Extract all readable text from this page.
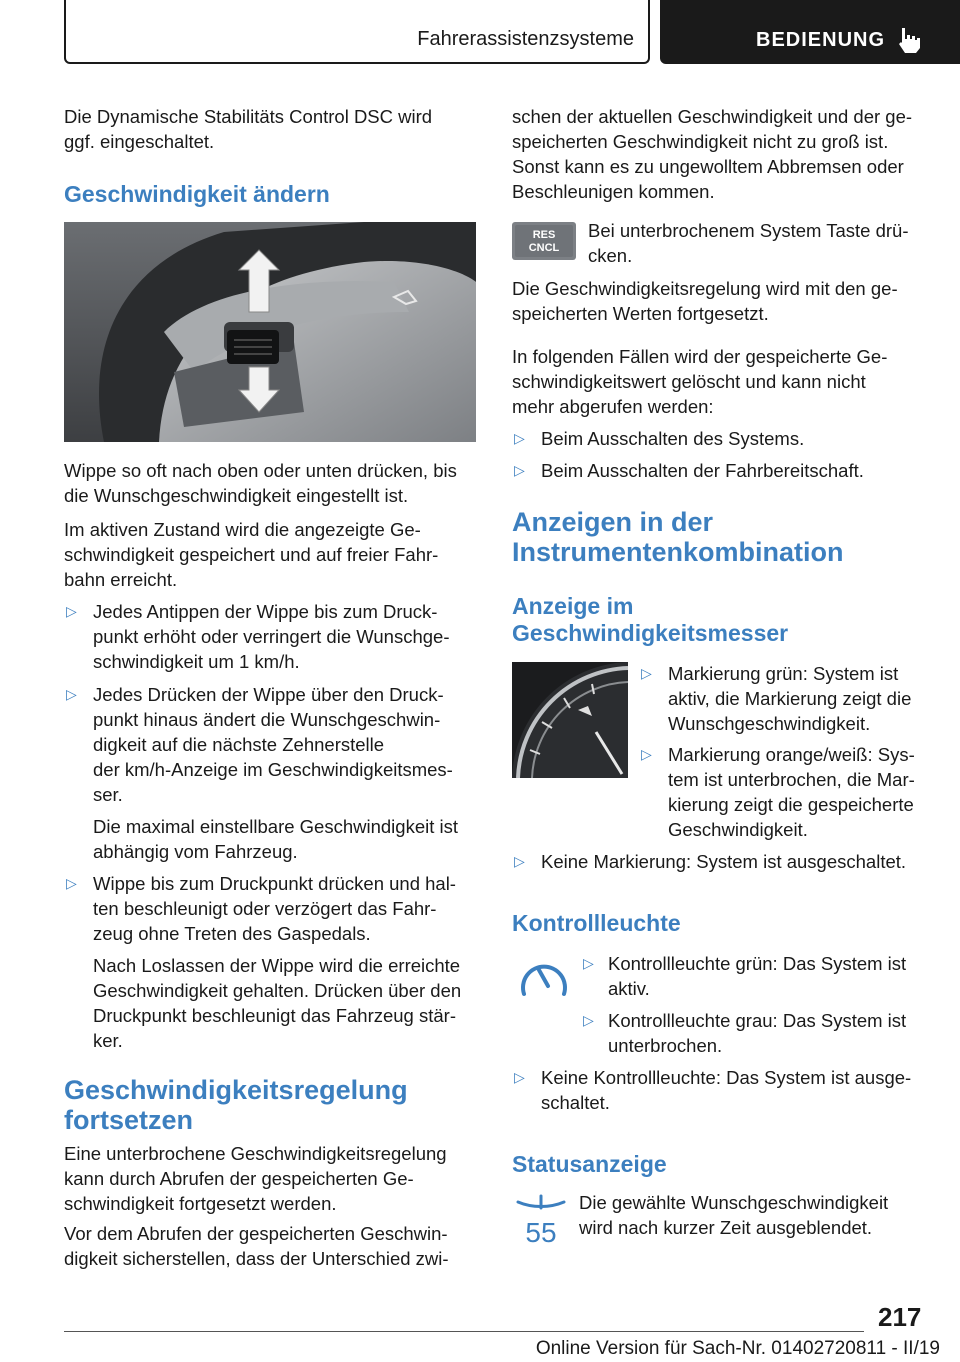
Fahrerassistenzsysteme	BEDIENUNG

Die Dynamische Stabilitäts Control DSC wird

ggf. eingeschaltet.

Geschwindigkeit ändern

Wippe so oft nach oben oder unten drücken, bis

die Wunschgeschwindigkeit eingestellt ist.

Im aktiven Zustand wird die angezeigte Ge‐

schwindigkeit gespeichert und auf freier Fahr‐

bahn erreicht.

▷ Jedes Antippen der Wippe bis zum Druck‐

punkt erhöht oder verringert die Wunschge‐

schwindigkeit um 1 km/h.

▷ Jedes Drücken der Wippe über den Druck‐

punkt hinaus ändert die Wunschgeschwin‐

digkeit auf die nächste Zehnerstelle

der km/h-Anzeige im Geschwindigkeitsmes‐

ser.

Die maximal einstellbare Geschwindigkeit ist

abhängig vom Fahrzeug.

▷ Wippe bis zum Druckpunkt drücken und hal‐

ten beschleunigt oder verzögert das Fahr‐

zeug ohne Treten des Gaspedals.

Nach Loslassen der Wippe wird die erreichte

Geschwindigkeit gehalten. Drücken über den

Druckpunkt beschleunigt das Fahrzeug stär‐

ker.

Geschwindigkeitsregelung
fortsetzen

Eine unterbrochene Geschwindigkeitsregelung

kann durch Abrufen der gespeicherten Ge‐

schwindigkeit fortgesetzt werden.

Vor dem Abrufen der gespeicherten Geschwin‐

digkeit sicherstellen, dass der Unterschied zwi‐

schen der aktuellen Geschwindigkeit und der ge‐

speicherten Geschwindigkeit nicht zu groß ist.

Sonst kann es zu ungewolltem Abbremsen oder

Beschleunigen kommen.

RES
CNCL

Bei unterbrochenem System Taste drü‐

cken.

Die Geschwindigkeitsregelung wird mit den ge‐

speicherten Werten fortgesetzt.

In folgenden Fällen wird der gespeicherte Ge‐

schwindigkeitswert gelöscht und kann nicht

mehr abgerufen werden:

▷ Beim Ausschalten des Systems.

▷ Beim Ausschalten der Fahrbereitschaft.

Anzeigen in der
Instrumentenkombination
Anzeige im
Geschwindigkeitsmesser
▷ Markierung grün: System ist

aktiv, die Markierung zeigt die

Wunschgeschwindigkeit.

▷ Markierung orange/weiß: Sys‐

tem ist unterbrochen, die Mar‐

kierung zeigt die gespeicherte

Geschwindigkeit.

▷ Keine Markierung: System ist ausgeschaltet.

Kontrollleuchte
▷ Kontrollleuchte grün: Das System ist

aktiv.

▷ Kontrollleuchte grau: Das System ist

unterbrochen.

▷ Keine Kontrollleuchte: Das System ist ausge‐

schaltet.

Statusanzeige
55

Die gewählte Wunschgeschwindigkeit

wird nach kurzer Zeit ausgeblendet.

217
Online Version für Sach-Nr. 01402720811 - II/19
